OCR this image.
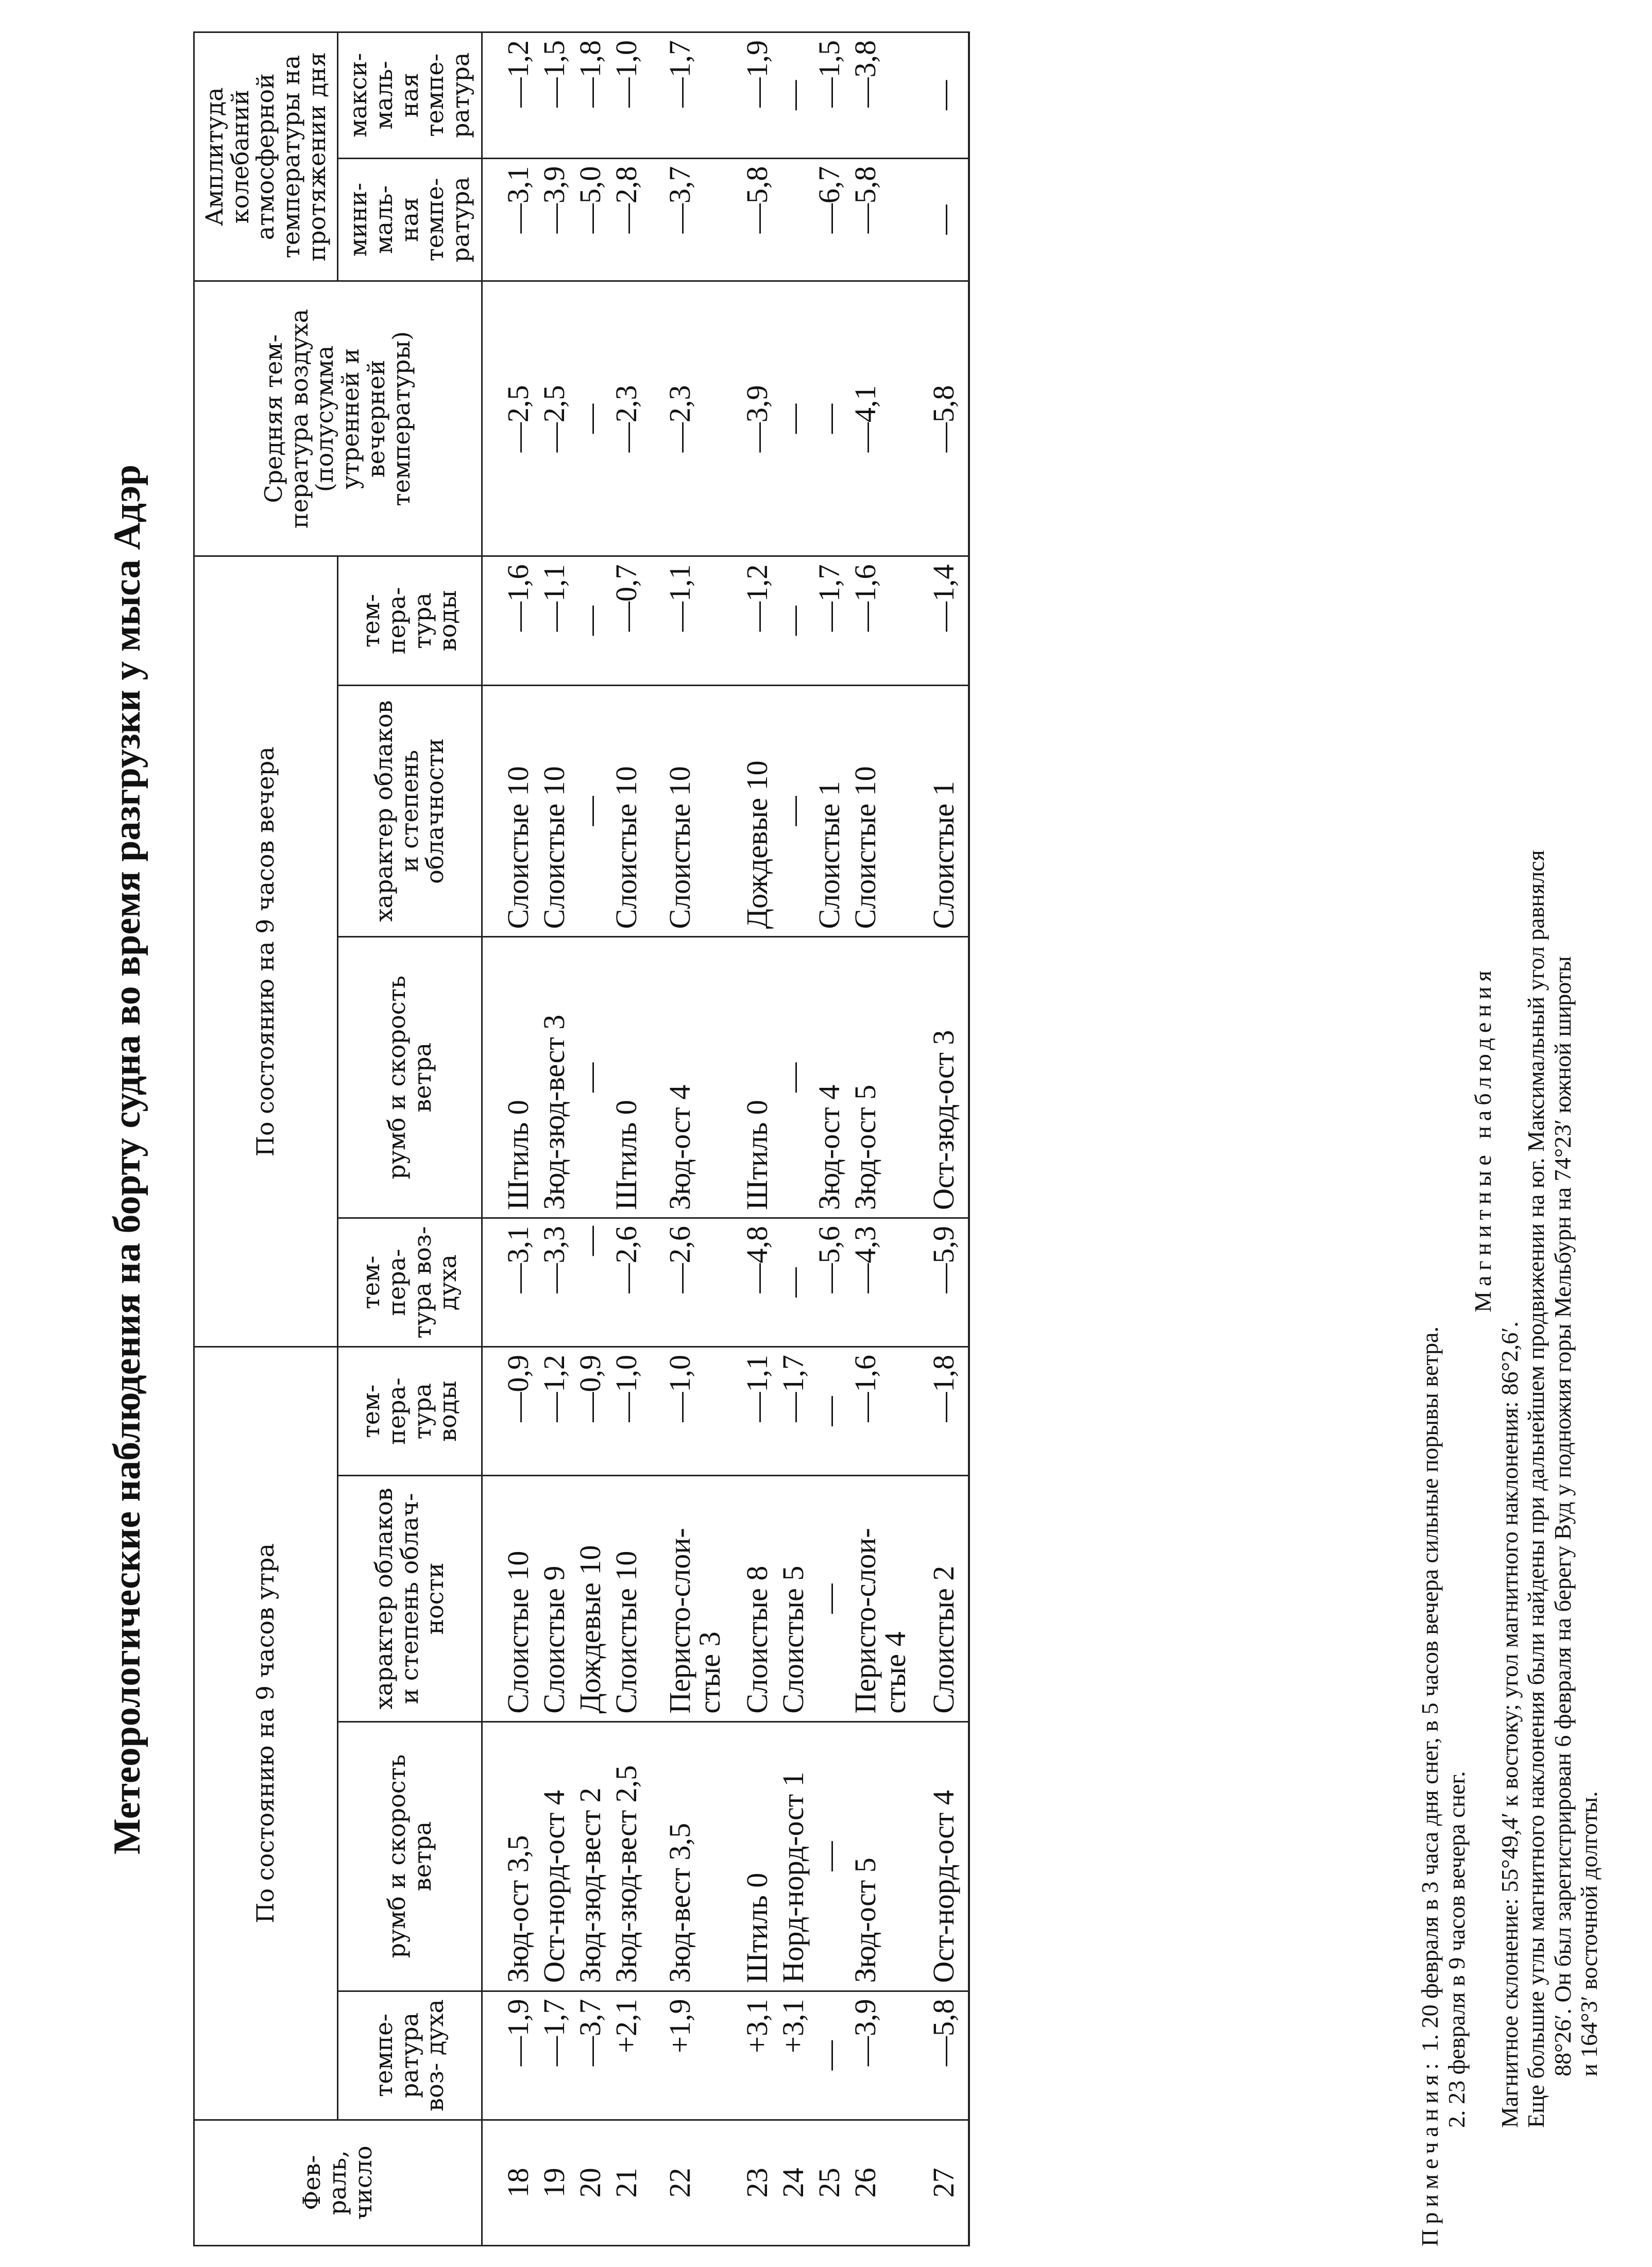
Метеорологические наблюдения на борту судна во время разгрузки у мыса Адэр
Фев- раль, число	По состоянию на 9 часов утра				По состоянию на 9 часов вечера				Средняя тем- пература воздуха (полусумма утренней и вечерней температуры)	Амплитуда колебаний атмосферной температуры на протяжении дня	
	темпе- ратура воз- духа	румб и скорость ветра	характер облаков и степень облач- ности	тем- пера- тура воды	тем- пера- тура воз- духа	румб и скорость ветра	характер облаков и степень облачности	тем- пера- тура воды		мини- маль- ная темпе- ратура	макси- маль- ная темпе- ратура
18	—1,9	Зюд-ост 3,5	Слоистые 10	—0,9	—3,1	Штиль 0	Слоистые 10	—1,6	—2,5	—3,1	—1,2
19	—1,7	Ост-норд-ост 4	Слоистые 9	—1,2	—3,3	Зюд-зюд-вест 3	Слоистые 10	—1,1	—2,5	—3,9	—1,5
20	—3,7	Зюд-зюд-вест 2	Дождевые 10	—0,9	—	—	—	—	—	—5,0	—1,8
21	+2,1	Зюд-зюд-вест 2,5	Слоистые 10	—1,0	—2,6	Штиль 0	Слоистые 10	—0,7	—2,3	—2,8	—1,0
22	+1,9	Зюд-вест 3,5	Перисто-слои- стые 3	—1,0	—2,6	Зюд-ост 4	Слоистые 10	—1,1	—2,3	—3,7	—1,7
23	+3,1	Штиль 0	Слоистые 8	—1,1	—4,8	Штиль 0	Дождевые 10	—1,2	—3,9	—5,8	—1,9
24	+3,1	Норд-норд-ост 1	Слоистые 5	—1,7	—	—	—	—	—		—
25	—	—	—	—	—5,6	Зюд-ост 4	Слоистые 1	—1,7	—	—6,7	—1,5
26	—3,9	Зюд-ост 5	Перисто-слои- стые 4	—1,6	—4,3	Зюд-ост 5	Слоистые 10	—1,6	—4,1	—5,8	—3,8
27	—5,8	Ост-норд-ост 4	Слоистые 2	—1,8	—5,9	Ост-зюд-ост 3	Слоистые 1	—1,4	—5,8	—	—

Примечания: 1. 20 февраля в 3 часа дня снег, в 5 часов вечера сильные порывы ветра. 2. 23 февраля в 9 часов вечера снег.

Магнитные наблюдения

Магнитное склонение: 55°49,4′ к востоку; угол магнитного наклонения: 86°2,6′. Еще большие углы магнитного наклонения были найдены при дальнейшем продвижении на юг. Максимальный угол равнялся 88°26′. Он был зарегистрирован 6 февраля на берегу Вуд у подножия горы Мельбурн на 74°23′ южной широты и 164°3′ восточной долготы.
